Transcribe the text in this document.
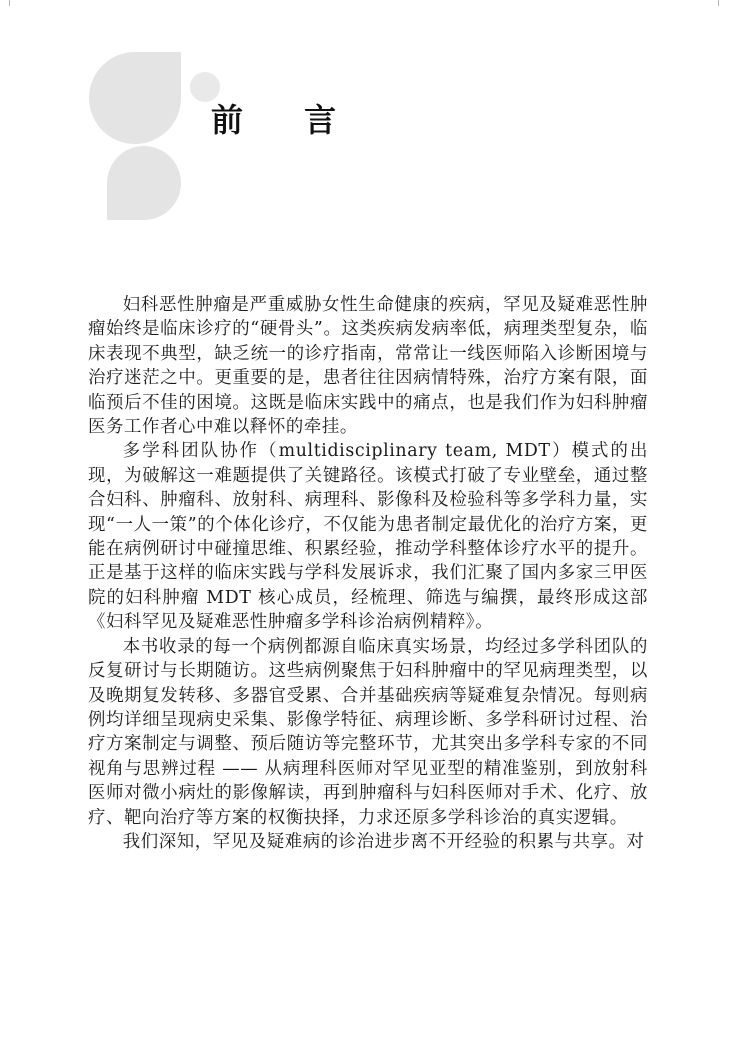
前 言

妇科恶性肿瘤是严重威胁女性生命健康的疾病，罕见及疑难恶性肿瘤始终是临床诊疗的“硬骨头”。这类疾病发病率低，病理类型复杂，临床表现不典型，缺乏统一的诊疗指南，常常让一线医师陷入诊断困境与治疗迷茫之中。更重要的是，患者往往因病情特殊，治疗方案有限，面临预后不佳的困境。这既是临床实践中的痛点，也是我们作为妇科肿瘤医务工作者心中难以释怀的牵挂。

多学科团队协作（multidisciplinary team, MDT）模式的出现，为破解这一难题提供了关键路径。该模式打破了专业壁垒，通过整合妇科、肿瘤科、放射科、病理科、影像科及检验科等多学科力量，实现“一人一策”的个体化诊疗，不仅能为患者制定最优化的治疗方案，更能在病例研讨中碰撞思维、积累经验，推动学科整体诊疗水平的提升。正是基于这样的临床实践与学科发展诉求，我们汇聚了国内多家三甲医院的妇科肿瘤 MDT 核心成员，经梳理、筛选与编撰，最终形成这部《妇科罕见及疑难恶性肿瘤多学科诊治病例精粹》。

本书收录的每一个病例都源自临床真实场景，均经过多学科团队的反复研讨与长期随访。这些病例聚焦于妇科肿瘤中的罕见病理类型，以及晚期复发转移、多器官受累、合并基础疾病等疑难复杂情况。每则病例均详细呈现病史采集、影像学特征、病理诊断、多学科研讨过程、治疗方案制定与调整、预后随访等完整环节，尤其突出多学科专家的不同视角与思辨过程 —— 从病理科医师对罕见亚型的精准鉴别，到放射科医师对微小病灶的影像解读，再到肿瘤科与妇科医师对手术、化疗、放疗、靶向治疗等方案的权衡抉择，力求还原多学科诊治的真实逻辑。

我们深知，罕见及疑难病的诊治进步离不开经验的积累与共享。对
